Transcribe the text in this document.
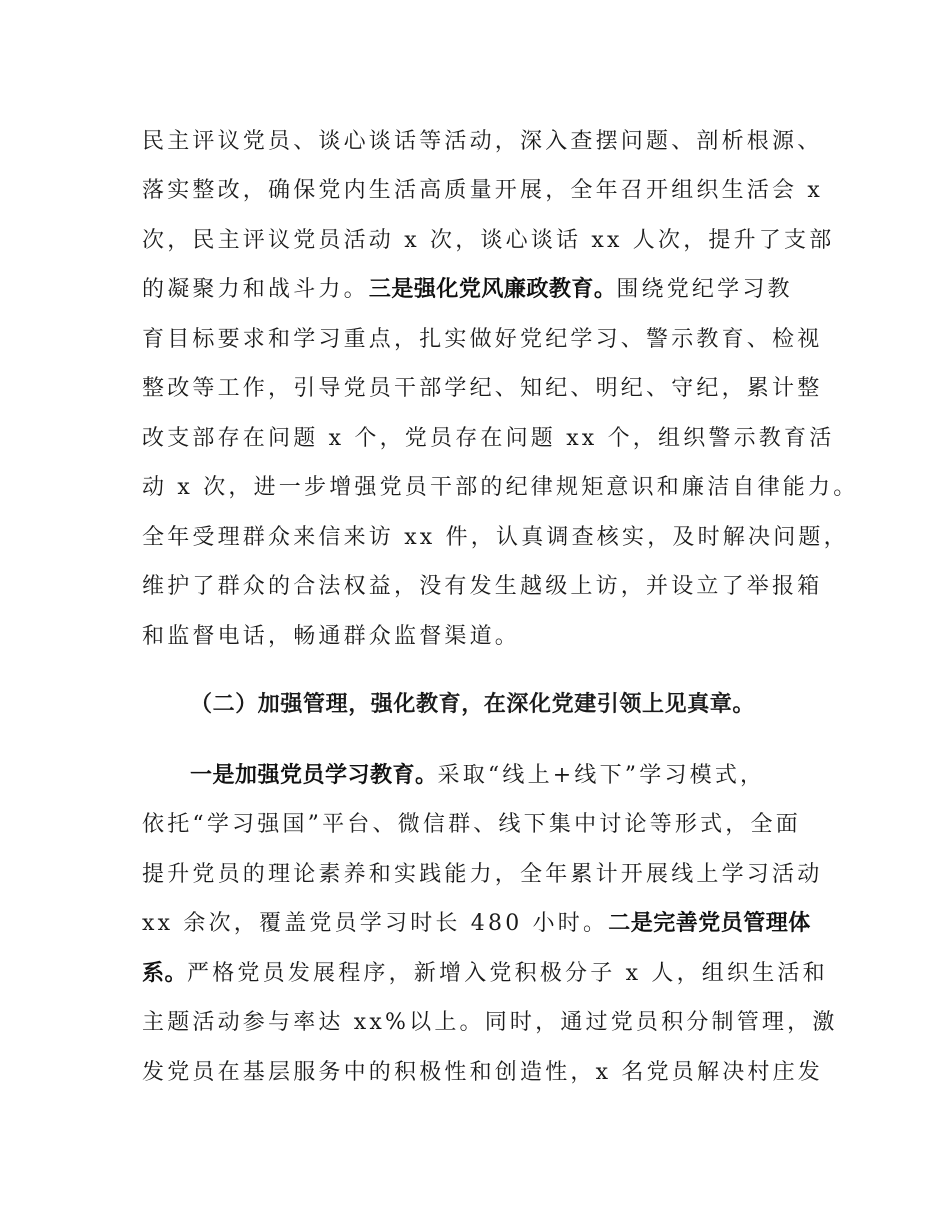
民主评议党员、谈心谈话等活动，深入查摆问题、剖析根源、
落实整改，确保党内生活高质量开展，全年召开组织生活会 x
次，民主评议党员活动 x 次，谈心谈话 xx 人次，提升了支部
的凝聚力和战斗力。三是强化党风廉政教育。围绕党纪学习教
育目标要求和学习重点，扎实做好党纪学习、警示教育、检视
整改等工作，引导党员干部学纪、知纪、明纪、守纪，累计整
改支部存在问题 x 个，党员存在问题 xx 个，组织警示教育活
动 x 次，进一步增强党员干部的纪律规矩意识和廉洁自律能力。
全年受理群众来信来访 xx 件，认真调查核实，及时解决问题，
维护了群众的合法权益，没有发生越级上访，并设立了举报箱
和监督电话，畅通群众监督渠道。
（二）加强管理，强化教育，在深化党建引领上见真章。
一是加强党员学习教育。采取“线上+线下”学习模式，
依托“学习强国”平台、微信群、线下集中讨论等形式，全面
提升党员的理论素养和实践能力，全年累计开展线上学习活动
xx 余次，覆盖党员学习时长 480 小时。二是完善党员管理体
系。严格党员发展程序，新增入党积极分子 x 人，组织生活和
主题活动参与率达 xx%以上。同时，通过党员积分制管理，激
发党员在基层服务中的积极性和创造性，x 名党员解决村庄发
